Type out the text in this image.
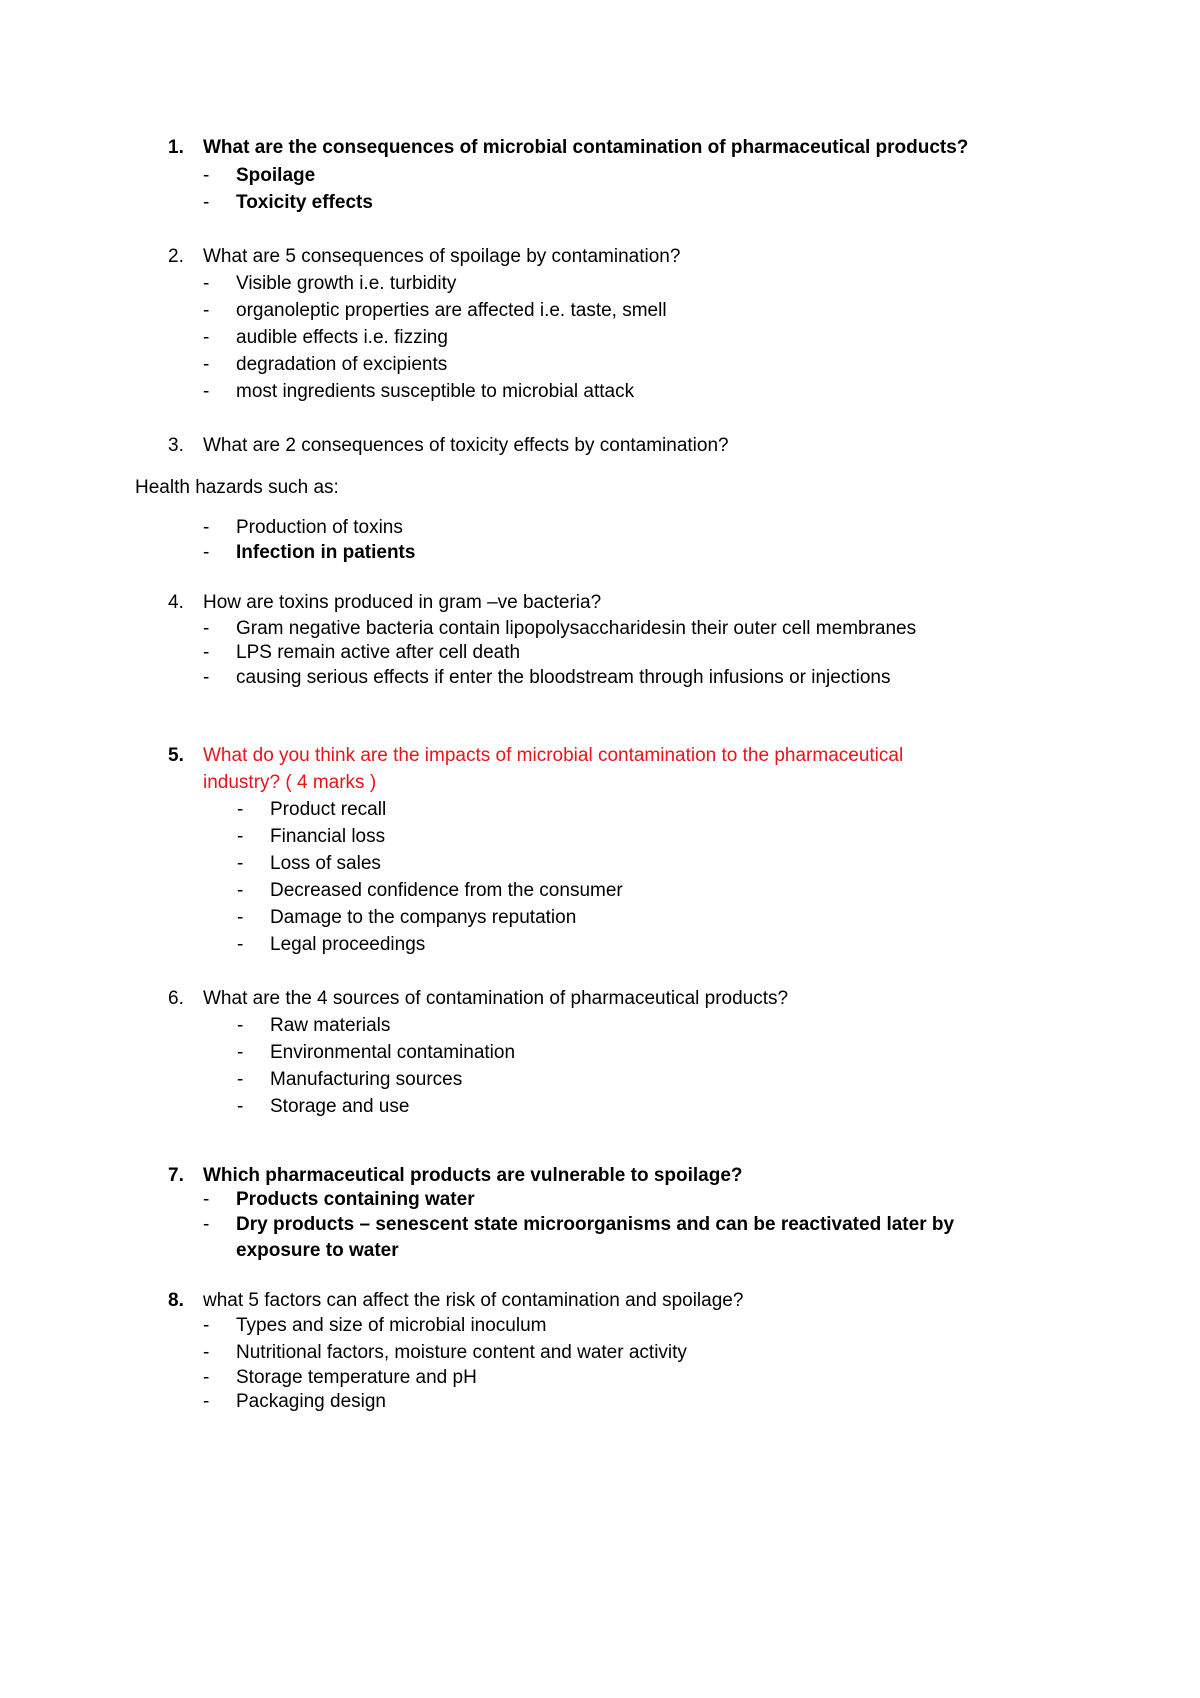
1. What are the consequences of microbial contamination of pharmaceutical products?
- Spoilage
- Toxicity effects
2. What are 5 consequences of spoilage by contamination?
- Visible growth i.e. turbidity
- organoleptic properties are affected i.e. taste, smell
- audible effects i.e. fizzing
- degradation of excipients
- most ingredients susceptible to microbial attack
3. What are 2 consequences of toxicity effects by contamination?
Health hazards such as:
- Production of toxins
- Infection in patients
4. How are toxins produced in gram –ve bacteria?
- Gram negative bacteria contain lipopolysaccharidesin their outer cell membranes
- LPS remain active after cell death
- causing serious effects if enter the bloodstream through infusions or injections
5. What do you think are the impacts of microbial contamination to the pharmaceutical
industry? ( 4 marks )
- Product recall
- Financial loss
- Loss of sales
- Decreased confidence from the consumer
- Damage to the companys reputation
- Legal proceedings
6. What are the 4 sources of contamination of pharmaceutical products?
- Raw materials
- Environmental contamination
- Manufacturing sources
- Storage and use
7. Which pharmaceutical products are vulnerable to spoilage?
- Products containing water
- Dry products – senescent state microorganisms and can be reactivated later by
exposure to water
8. what 5 factors can affect the risk of contamination and spoilage?
- Types and size of microbial inoculum
- Nutritional factors, moisture content and water activity
- Storage temperature and pH
- Packaging design
